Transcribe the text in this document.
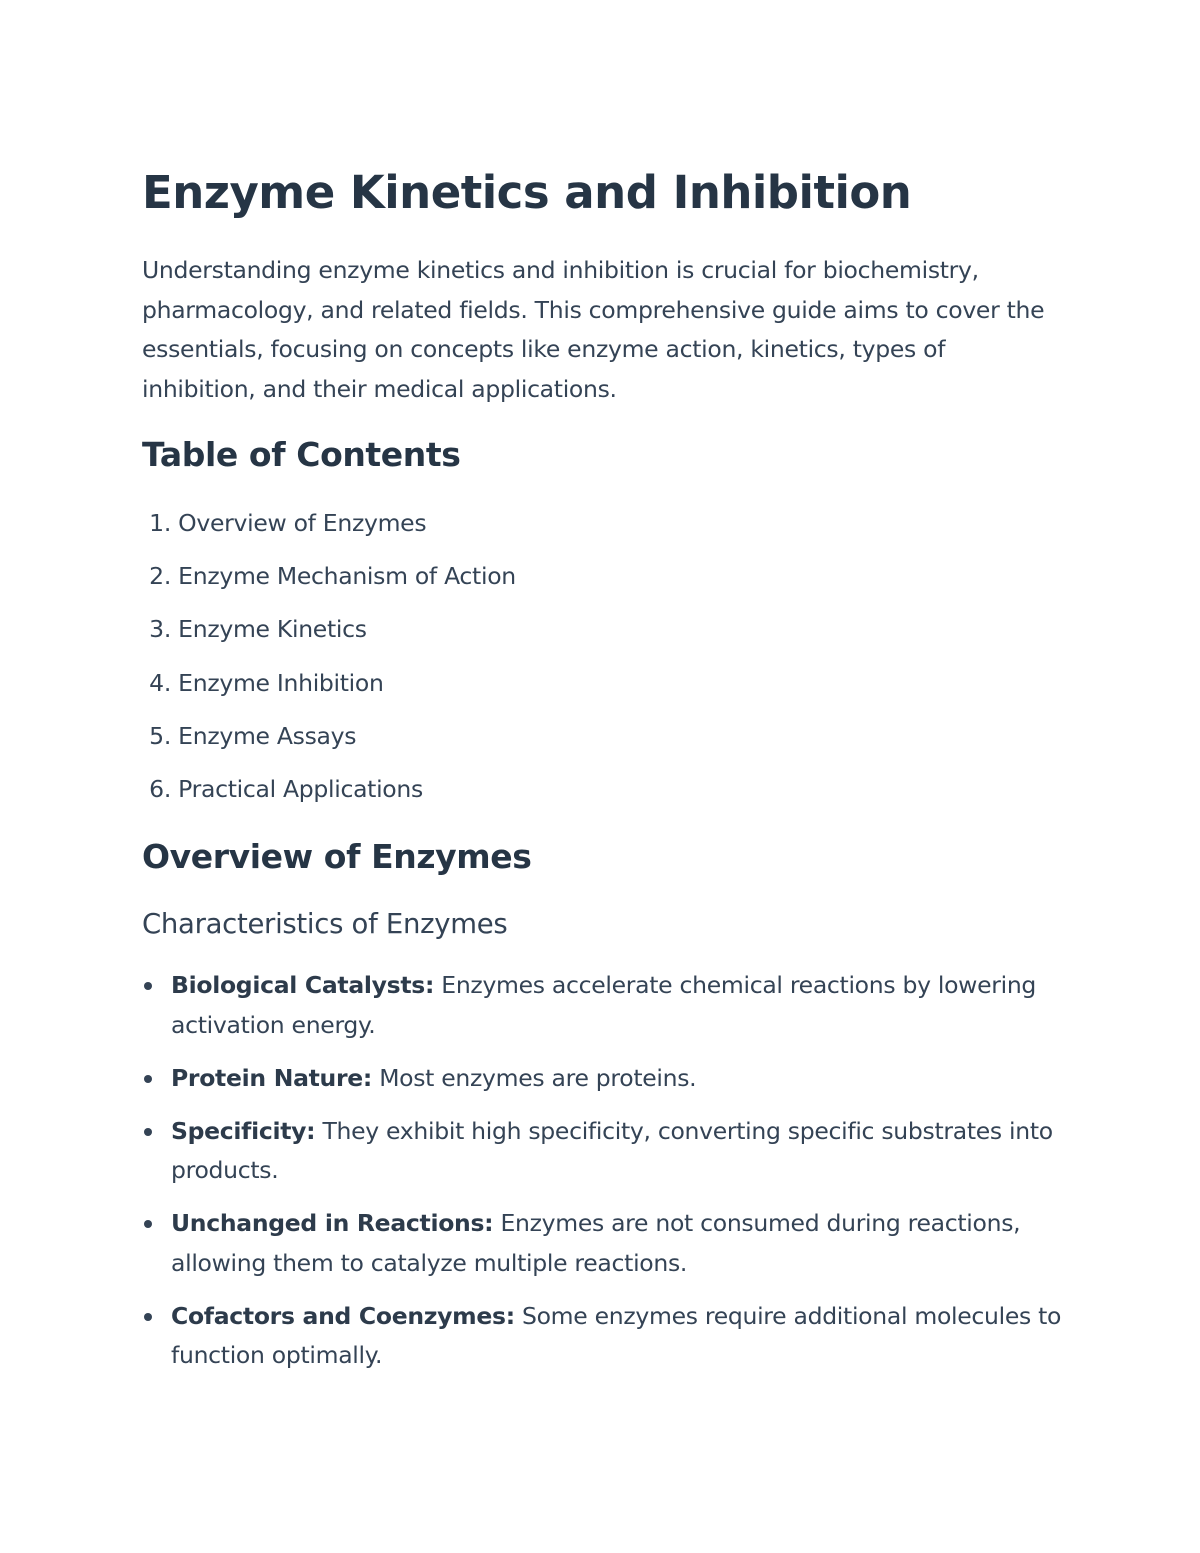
Enzyme Kinetics and Inhibition

Understanding enzyme kinetics and inhibition is crucial for biochemistry, pharmacology, and related fields. This comprehensive guide aims to cover the essentials, focusing on concepts like enzyme action, kinetics, types of inhibition, and their medical applications.

Table of Contents
1. Overview of Enzymes
2. Enzyme Mechanism of Action
3. Enzyme Kinetics
4. Enzyme Inhibition
5. Enzyme Assays
6. Practical Applications
Overview of Enzymes
Characteristics of Enzymes
Biological Catalysts: Enzymes accelerate chemical reactions by lowering activation energy.
Protein Nature: Most enzymes are proteins.
Specificity: They exhibit high specificity, converting specific substrates into products.
Unchanged in Reactions: Enzymes are not consumed during reactions, allowing them to catalyze multiple reactions.
Cofactors and Coenzymes: Some enzymes require additional molecules to function optimally.
